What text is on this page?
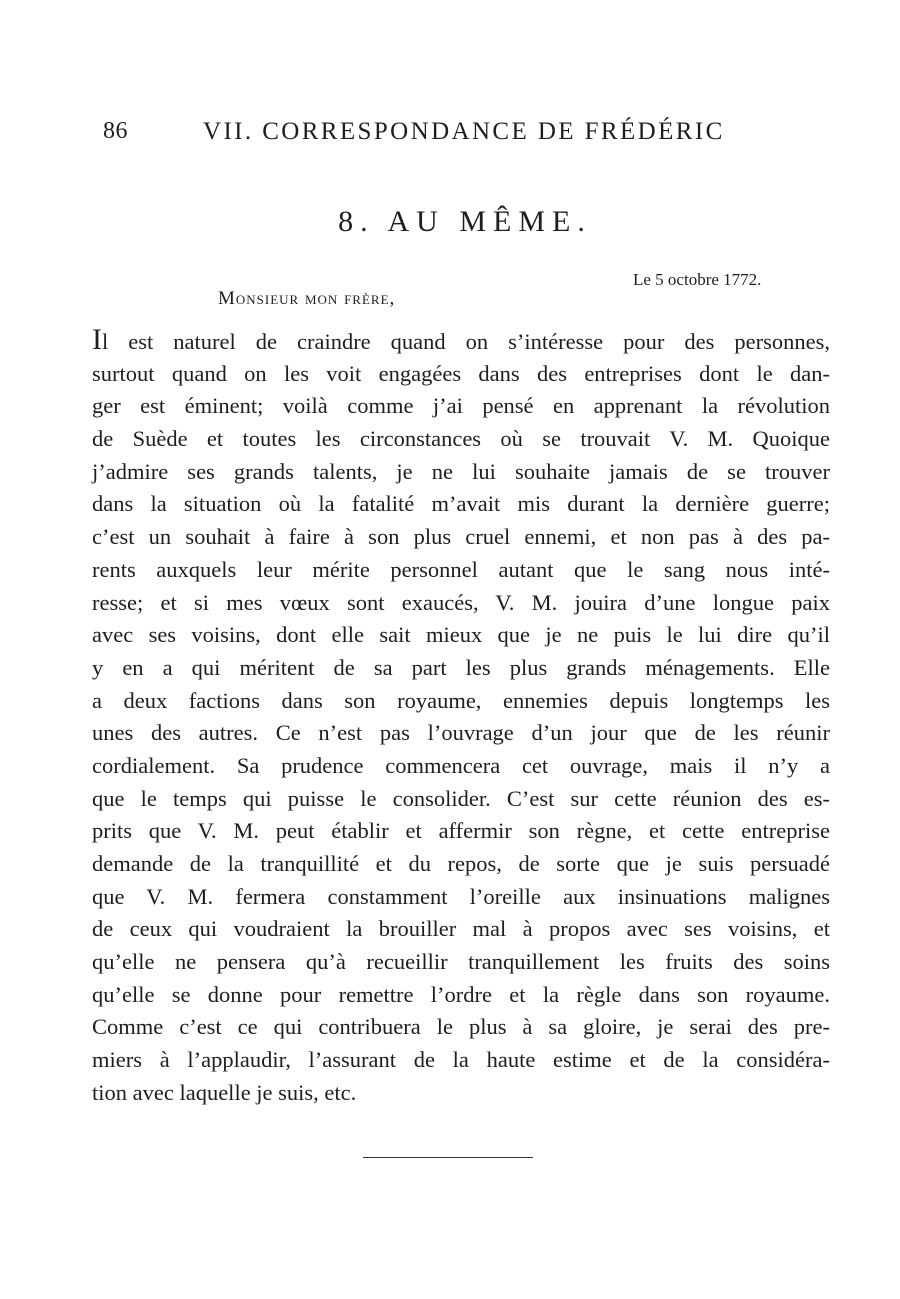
86	VII. CORRESPONDANCE DE FRÉDÉRIC
8. AU MÊME.
Le 5 octobre 1772.
Monsieur mon frère,
Il est naturel de craindre quand on s’intéresse pour des personnes,
surtout quand on les voit engagées dans des entreprises dont le dan-
ger est éminent; voilà comme j’ai pensé en apprenant la révolution
de Suède et toutes les circonstances où se trouvait V. M. Quoique
j’admire ses grands talents, je ne lui souhaite jamais de se trouver
dans la situation où la fatalité m’avait mis durant la dernière guerre;
c’est un souhait à faire à son plus cruel ennemi, et non pas à des pa-
rents auxquels leur mérite personnel autant que le sang nous inté-
resse; et si mes vœux sont exaucés, V. M. jouira d’une longue paix
avec ses voisins, dont elle sait mieux que je ne puis le lui dire qu’il
y en a qui méritent de sa part les plus grands ménagements. Elle
a deux factions dans son royaume, ennemies depuis longtemps les
unes des autres. Ce n’est pas l’ouvrage d’un jour que de les réunir
cordialement. Sa prudence commencera cet ouvrage, mais il n’y a
que le temps qui puisse le consolider. C’est sur cette réunion des es-
prits que V. M. peut établir et affermir son règne, et cette entreprise
demande de la tranquillité et du repos, de sorte que je suis persuadé
que V. M. fermera constamment l’oreille aux insinuations malignes
de ceux qui voudraient la brouiller mal à propos avec ses voisins, et
qu’elle ne pensera qu’à recueillir tranquillement les fruits des soins
qu’elle se donne pour remettre l’ordre et la règle dans son royaume.
Comme c’est ce qui contribuera le plus à sa gloire, je serai des pre-
miers à l’applaudir, l’assurant de la haute estime et de la considéra-
tion avec laquelle je suis, etc.
